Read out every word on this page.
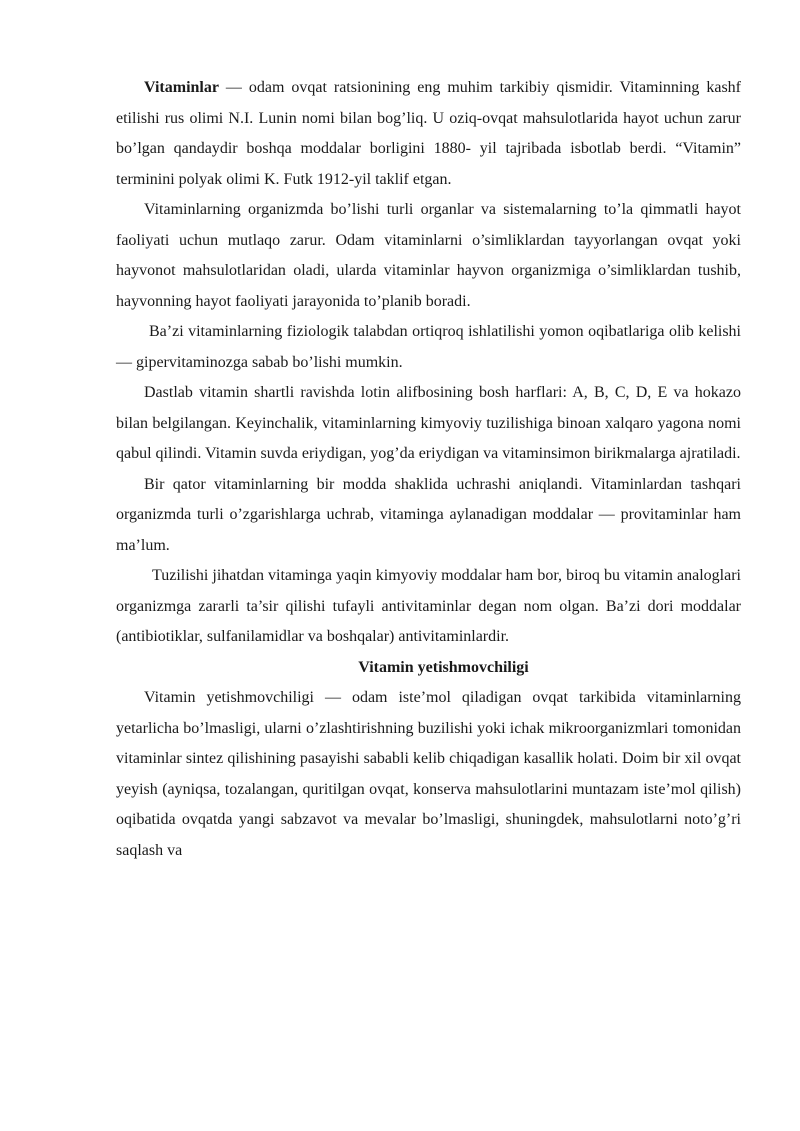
Vitaminlar — odam ovqat ratsionining eng muhim tarkibiy qismidir. Vitaminning kashf etilishi rus olimi N.I. Lunin nomi bilan bog’liq. U oziq-ovqat mahsulotlarida hayot uchun zarur bo’lgan qandaydir boshqa moddalar borligini 1880- yil tajribada isbotlab berdi. “Vitamin” terminini polyak olimi K. Futk 1912-yil taklif etgan.

Vitaminlarning organizmda bo’lishi turli organlar va sistemalarning to’la qimmatli hayot faoliyati uchun mutlaqo zarur. Odam vitaminlarni o’simliklardan tayyorlangan ovqat yoki hayvonot mahsulotlaridan oladi, ularda vitaminlar hayvon organizmiga o’simliklardan tushib, hayvonning hayot faoliyati jarayonida to’planib boradi.

Ba’zi vitaminlarning fiziologik talabdan ortiqroq ishlatilishi yomon oqibatlariga olib kelishi — gipervitaminozga sabab bo’lishi mumkin.

Dastlab vitamin shartli ravishda lotin alifbosining bosh harflari: A, B, C, D, E va hokazo bilan belgilangan. Keyinchalik, vitaminlarning kimyoviy tuzilishiga binoan xalqaro yagona nomi qabul qilindi. Vitamin suvda eriydigan, yog’da eriydigan va vitaminsimon birikmalarga ajratiladi.

Bir qator vitaminlarning bir modda shaklida uchrashi aniqlandi. Vitaminlardan tashqari organizmda turli o’zgarishlarga uchrab, vitaminga aylanadigan moddalar — provitaminlar ham ma’lum.

Tuzilishi jihatdan vitaminga yaqin kimyoviy moddalar ham bor, biroq bu vitamin analoglari organizmga zararli ta’sir qilishi tufayli antivitaminlar degan nom olgan. Ba’zi dori moddalar (antibiotiklar, sulfanilamidlar va boshqalar) antivitaminlardir.

Vitamin yetishmovchiligi

Vitamin yetishmovchiligi — odam iste’mol qiladigan ovqat tarkibida vitaminlarning yetarlicha bo’lmasligi, ularni o’zlashtirishning buzilishi yoki ichak mikroorganizmlari tomonidan vitaminlar sintez qilishining pasayishi sababli kelib chiqadigan kasallik holati. Doim bir xil ovqat yeyish (ayniqsa, tozalangan, quritilgan ovqat, konserva mahsulotlarini muntazam iste’mol qilish) oqibatida ovqatda yangi sabzavot va mevalar bo’lmasligi, shuningdek, mahsulotlarni noto’g’ri saqlash va
